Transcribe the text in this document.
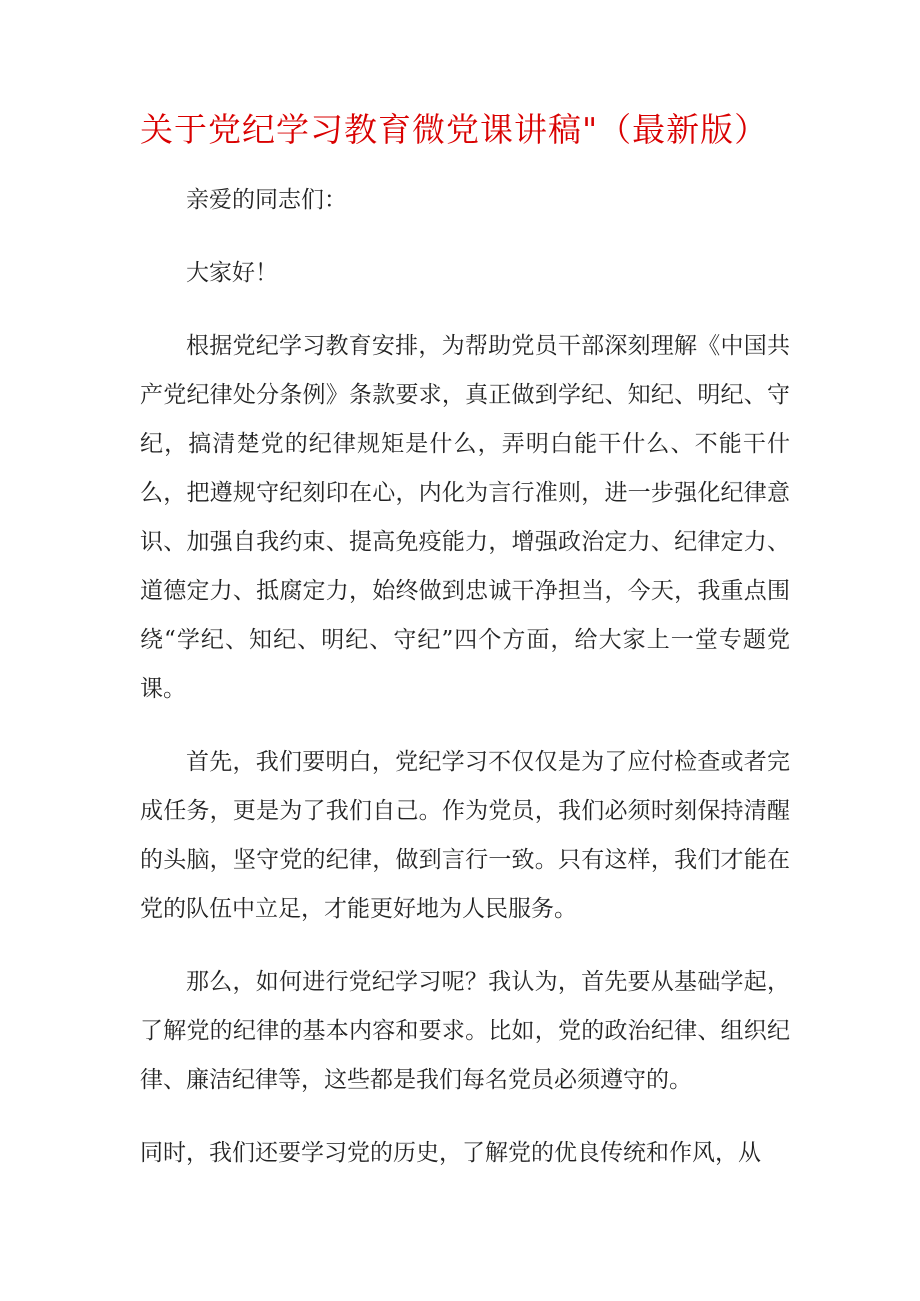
关于党纪学习教育微党课讲稿"（最新版）

亲爱的同志们：

大家好！

根据党纪学习教育安排，为帮助党员干部深刻理解《中国共产党纪律处分条例》条款要求，真正做到学纪、知纪、明纪、守纪，搞清楚党的纪律规矩是什么，弄明白能干什么、不能干什么，把遵规守纪刻印在心，内化为言行准则，进一步强化纪律意识、加强自我约束、提高免疫能力，增强政治定力、纪律定力、道德定力、抵腐定力，始终做到忠诚干净担当，今天，我重点围绕“学纪、知纪、明纪、守纪”四个方面，给大家上一堂专题党课。

首先，我们要明白，党纪学习不仅仅是为了应付检查或者完成任务，更是为了我们自己。作为党员，我们必须时刻保持清醒的头脑，坚守党的纪律，做到言行一致。只有这样，我们才能在党的队伍中立足，才能更好地为人民服务。

那么，如何进行党纪学习呢？我认为，首先要从基础学起，了解党的纪律的基本内容和要求。比如，党的政治纪律、组织纪律、廉洁纪律等，这些都是我们每名党员必须遵守的。

同时，我们还要学习党的历史，了解党的优良传统和作风，从
